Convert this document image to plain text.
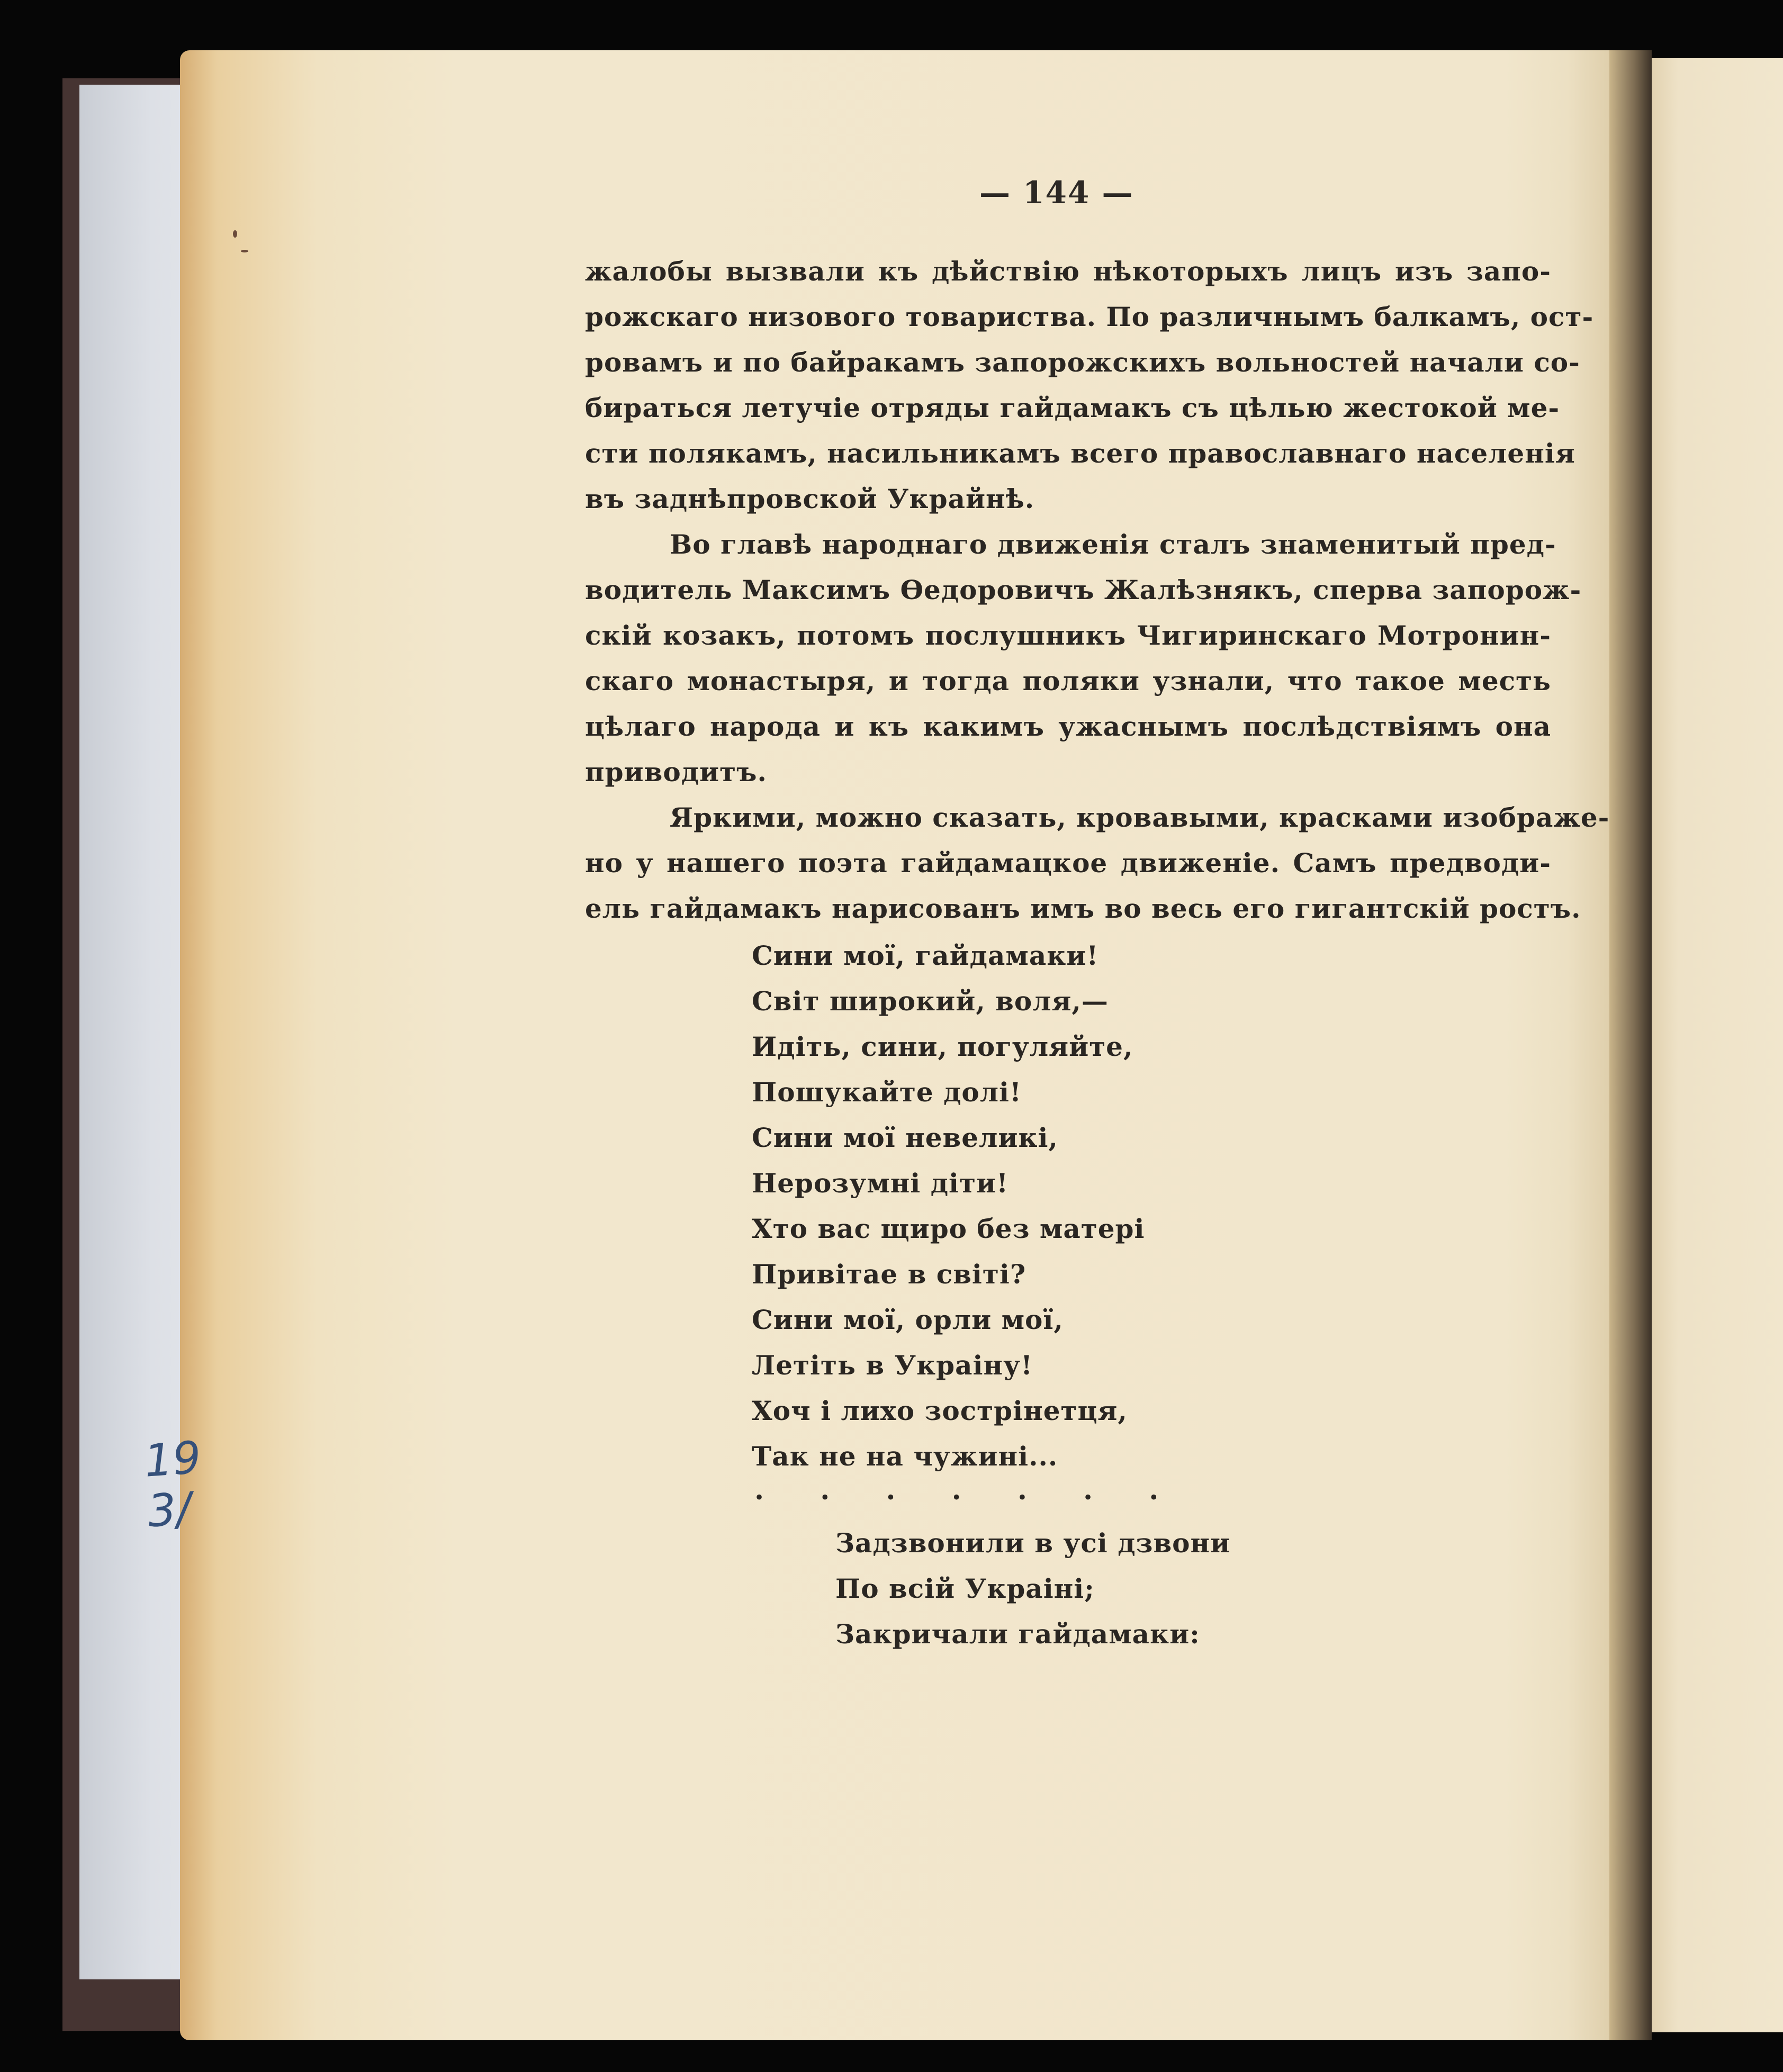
— 144 —
жалобы вызвали къ дѣйствiю нѣкоторыхъ лицъ изъ запо-
рожскаго низового товариства. По различнымъ балкамъ, ост-
ровамъ и по байракамъ запорожскихъ вольностей начали со-
бираться летучiе отряды гайдамакъ съ цѣлью жестокой ме-
сти полякамъ, насильникамъ всего православнаго населенiя
въ заднѣпровской Украйнѣ.
Во главѣ народнаго движенiя сталъ знаменитый пред-
водитель Максимъ Ѳедоровичъ Жалѣзнякъ, сперва запорож-
скiй козакъ, потомъ послушникъ Чигиринскаго Мотронин-
скаго монастыря, и тогда поляки узнали, что такое месть
цѣлаго народа и къ какимъ ужаснымъ послѣдствiямъ она
приводитъ.
Яркими, можно сказать, кровавыми, красками изображе-
но у нашего поэта гайдамацкое движенiе. Самъ предводи-
ель гайдамакъ нарисованъ имъ во весь его гигантскiй ростъ.
Сини мої, гайдамаки!
Світ широкий, воля,—
Идіть, сини, погуляйте,
Пошукайте долі!
Сини мої невеликі,
Нерозумні діти!
Хто вас щиро без матері
Привітае в світі?
Сини мої, орли мої,
Летіть в Украіну!
Хоч і лихо зострінетця,
Так не на чужині...
. . . . . . .
Задзвонили в усі дзвони
По всій Украіні;
Закричали гайдамаки:
19
3/
